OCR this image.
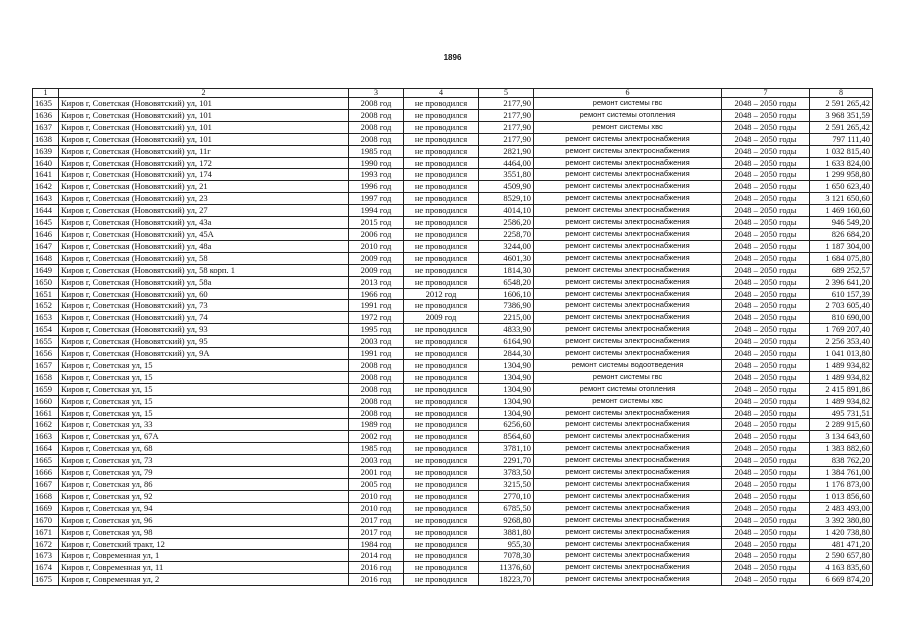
1896
1	2	3	4	5	6	7	8
1635	Киров г, Советская (Нововятский) ул, 101	2008 год	не проводился	2177,90	ремонт системы гвс	2048 – 2050 годы	2 591 265,42
1636	Киров г, Советская (Нововятский) ул, 101	2008 год	не проводился	2177,90	ремонт системы отопления	2048 – 2050 годы	3 968 351,59
1637	Киров г, Советская (Нововятский) ул, 101	2008 год	не проводился	2177,90	ремонт системы хвс	2048 – 2050 годы	2 591 265,42
1638	Киров г, Советская (Нововятский) ул, 101	2008 год	не проводился	2177,90	ремонт системы электроснабжения	2048 – 2050 годы	797 111,40
1639	Киров г, Советская (Нововятский) ул, 11г	1985 год	не проводился	2821,90	ремонт системы электроснабжения	2048 – 2050 годы	1 032 815,40
1640	Киров г, Советская (Нововятский) ул, 172	1990 год	не проводился	4464,00	ремонт системы электроснабжения	2048 – 2050 годы	1 633 824,00
1641	Киров г, Советская (Нововятский) ул, 174	1993 год	не проводился	3551,80	ремонт системы электроснабжения	2048 – 2050 годы	1 299 958,80
1642	Киров г, Советская (Нововятский) ул, 21	1996 год	не проводился	4509,90	ремонт системы электроснабжения	2048 – 2050 годы	1 650 623,40
1643	Киров г, Советская (Нововятский) ул, 23	1997 год	не проводился	8529,10	ремонт системы электроснабжения	2048 – 2050 годы	3 121 650,60
1644	Киров г, Советская (Нововятский) ул, 27	1994 год	не проводился	4014,10	ремонт системы электроснабжения	2048 – 2050 годы	1 469 160,60
1645	Киров г, Советская (Нововятский) ул, 43а	2015 год	не проводился	2586,20	ремонт системы электроснабжения	2048 – 2050 годы	946 549,20
1646	Киров г, Советская (Нововятский) ул, 45А	2006 год	не проводился	2258,70	ремонт системы электроснабжения	2048 – 2050 годы	826 684,20
1647	Киров г, Советская (Нововятский) ул, 48а	2010 год	не проводился	3244,00	ремонт системы электроснабжения	2048 – 2050 годы	1 187 304,00
1648	Киров г, Советская (Нововятский) ул, 58	2009 год	не проводился	4601,30	ремонт системы электроснабжения	2048 – 2050 годы	1 684 075,80
1649	Киров г, Советская (Нововятский) ул, 58 корп. 1	2009 год	не проводился	1814,30	ремонт системы электроснабжения	2048 – 2050 годы	689 252,57
1650	Киров г, Советская (Нововятский) ул, 58а	2013 год	не проводился	6548,20	ремонт системы электроснабжения	2048 – 2050 годы	2 396 641,20
1651	Киров г, Советская (Нововятский) ул, 60	1966 год	2012 год	1606,10	ремонт системы электроснабжения	2048 – 2050 годы	610 157,39
1652	Киров г, Советская (Нововятский) ул, 73	1991 год	не проводился	7386,90	ремонт системы электроснабжения	2048 – 2050 годы	2 703 605,40
1653	Киров г, Советская (Нововятский) ул, 74	1972 год	2009 год	2215,00	ремонт системы электроснабжения	2048 – 2050 годы	810 690,00
1654	Киров г, Советская (Нововятский) ул, 93	1995 год	не проводился	4833,90	ремонт системы электроснабжения	2048 – 2050 годы	1 769 207,40
1655	Киров г, Советская (Нововятский) ул, 95	2003 год	не проводился	6164,90	ремонт системы электроснабжения	2048 – 2050 годы	2 256 353,40
1656	Киров г, Советская (Нововятский) ул, 9А	1991 год	не проводился	2844,30	ремонт системы электроснабжения	2048 – 2050 годы	1 041 013,80
1657	Киров г, Советская ул, 15	2008 год	не проводился	1304,90	ремонт системы водоотведения	2048 – 2050 годы	1 489 934,82
1658	Киров г, Советская ул, 15	2008 год	не проводился	1304,90	ремонт системы гвс	2048 – 2050 годы	1 489 934,82
1659	Киров г, Советская ул, 15	2008 год	не проводился	1304,90	ремонт системы отопления	2048 – 2050 годы	2 415 891,86
1660	Киров г, Советская ул, 15	2008 год	не проводился	1304,90	ремонт системы хвс	2048 – 2050 годы	1 489 934,82
1661	Киров г, Советская ул, 15	2008 год	не проводился	1304,90	ремонт системы электроснабжения	2048 – 2050 годы	495 731,51
1662	Киров г, Советская ул, 33	1989 год	не проводился	6256,60	ремонт системы электроснабжения	2048 – 2050 годы	2 289 915,60
1663	Киров г, Советская ул, 67А	2002 год	не проводился	8564,60	ремонт системы электроснабжения	2048 – 2050 годы	3 134 643,60
1664	Киров г, Советская ул, 68	1985 год	не проводился	3781,10	ремонт системы электроснабжения	2048 – 2050 годы	1 383 882,60
1665	Киров г, Советская ул, 73	2003 год	не проводился	2291,70	ремонт системы электроснабжения	2048 – 2050 годы	838 762,20
1666	Киров г, Советская ул, 79	2001 год	не проводился	3783,50	ремонт системы электроснабжения	2048 – 2050 годы	1 384 761,00
1667	Киров г, Советская ул, 86	2005 год	не проводился	3215,50	ремонт системы электроснабжения	2048 – 2050 годы	1 176 873,00
1668	Киров г, Советская ул, 92	2010 год	не проводился	2770,10	ремонт системы электроснабжения	2048 – 2050 годы	1 013 856,60
1669	Киров г, Советская ул, 94	2010 год	не проводился	6785,50	ремонт системы электроснабжения	2048 – 2050 годы	2 483 493,00
1670	Киров г, Советская ул, 96	2017 год	не проводился	9268,80	ремонт системы электроснабжения	2048 – 2050 годы	3 392 380,80
1671	Киров г, Советская ул, 98	2017 год	не проводился	3881,80	ремонт системы электроснабжения	2048 – 2050 годы	1 420 738,80
1672	Киров г, Советский тракт, 12	1984 год	не проводился	955,30	ремонт системы электроснабжения	2048 – 2050 годы	481 471,20
1673	Киров г, Современная ул, 1	2014 год	не проводился	7078,30	ремонт системы электроснабжения	2048 – 2050 годы	2 590 657,80
1674	Киров г, Современная ул, 11	2016 год	не проводился	11376,60	ремонт системы электроснабжения	2048 – 2050 годы	4 163 835,60
1675	Киров г, Современная ул, 2	2016 год	не проводился	18223,70	ремонт системы электроснабжения	2048 – 2050 годы	6 669 874,20
